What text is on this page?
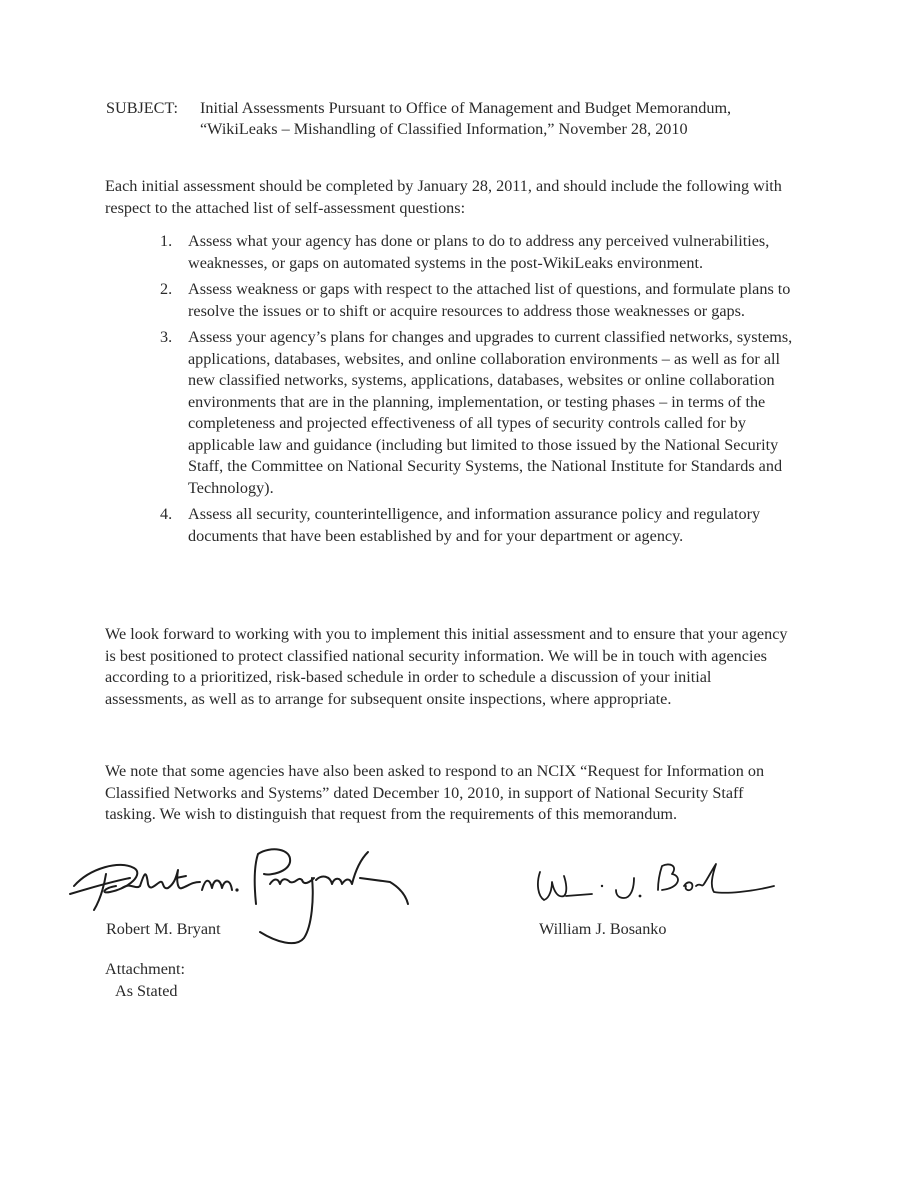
SUBJECT: Initial Assessments Pursuant to Office of Management and Budget Memorandum,
“WikiLeaks – Mishandling of Classified Information,” November 28, 2010

Each initial assessment should be completed by January 28, 2011, and should include the following with respect to the attached list of self-assessment questions:

1. Assess what your agency has done or plans to do to address any perceived vulnerabilities, weaknesses, or gaps on automated systems in the post-WikiLeaks environment.
2. Assess weakness or gaps with respect to the attached list of questions, and formulate plans to resolve the issues or to shift or acquire resources to address those weaknesses or gaps.
3. Assess your agency’s plans for changes and upgrades to current classified networks, systems, applications, databases, websites, and online collaboration environments – as well as for all new classified networks, systems, applications, databases, websites or online collaboration environments that are in the planning, implementation, or testing phases – in terms of the completeness and projected effectiveness of all types of security controls called for by applicable law and guidance (including but limited to those issued by the National Security Staff, the Committee on National Security Systems, the National Institute for Standards and Technology).
4. Assess all security, counterintelligence, and information assurance policy and regulatory documents that have been established by and for your department or agency.

We look forward to working with you to implement this initial assessment and to ensure that your agency is best positioned to protect classified national security information. We will be in touch with agencies according to a prioritized, risk-based schedule in order to schedule a discussion of your initial assessments, as well as to arrange for subsequent onsite inspections, where appropriate.

We note that some agencies have also been asked to respond to an NCIX “Request for Information on Classified Networks and Systems” dated December 10, 2010, in support of National Security Staff tasking. We wish to distinguish that request from the requirements of this memorandum.

Robert M. Bryant	William J. Bosanko
Attachment:
As Stated
